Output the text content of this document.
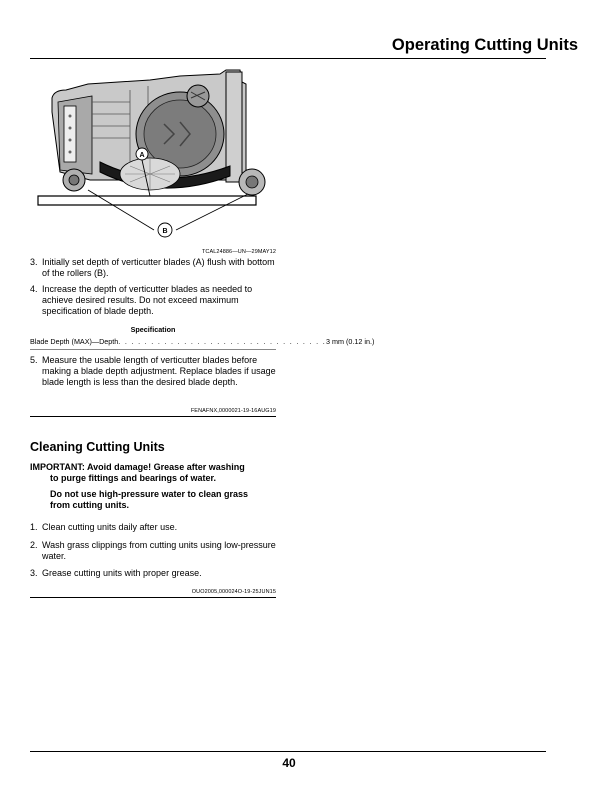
Operating Cutting Units
A
B
TCAL24886—UN—29MAY12
3. Initially set depth of verticutter blades (A) flush with bottom of the rollers (B).
4. Increase the depth of verticutter blades as needed to achieve desired results. Do not exceed maximum specification of blade depth.
Specification
Blade Depth (MAX)—Depth . . . . . . . . . . . . . . . . . . . . . . . . . . . . . . . . 3 mm (0.12 in.)
5. Measure the usable length of verticutter blades before making a blade depth adjustment. Replace blades if usage blade length is less than the desired blade depth.
FENAFNX,0000021-19-16AUG19
Cleaning Cutting Units
IMPORTANT: Avoid damage! Grease after washing
to purge fittings and bearings of water.
Do not use high-pressure water to clean grass
from cutting units.
1. Clean cutting units daily after use.
2. Wash grass clippings from cutting units using low-pressure water.
3. Grease cutting units with proper grease.
OUO2005,000024O-19-25JUN15
40
